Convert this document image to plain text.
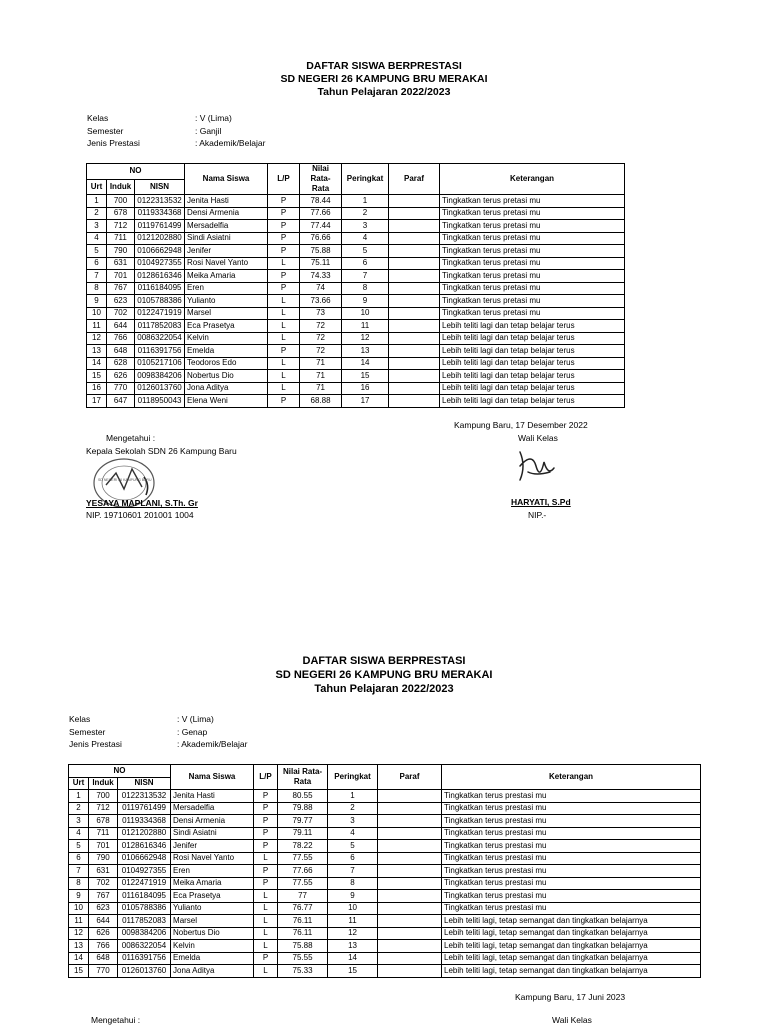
DAFTAR SISWA BERPRESTASI
SD NEGERI 26 KAMPUNG BRU MERAKAI
Tahun Pelajaran 2022/2023
Kelas	: V (Lima)
Semester	: Ganjil
Jenis Prestasi	: Akademik/Belajar
NO			Nama Siswa	L/P	Nilai Rata-Rata	Peringkat	Paraf	Keterangan
Urt	Induk	NISN						
1	700	0122313532	Jenita Hasti	P	78.44	1		Tingkatkan terus pretasi mu
2	678	0119334368	Densi Armenia	P	77.66	2		Tingkatkan terus pretasi mu
3	712	0119761499	Mersadelfia	P	77.44	3		Tingkatkan terus pretasi mu
4	711	0121202880	Sindi Asiatni	P	76.66	4		Tingkatkan terus pretasi mu
5	790	0106662948	Jenifer	P	75.88	5		Tingkatkan terus pretasi mu
6	631	0104927355	Rosi Navel Yanto	L	75.11	6		Tingkatkan terus pretasi mu
7	701	0128616346	Meika Amaria	P	74.33	7		Tingkatkan terus pretasi mu
8	767	0116184095	Eren	P	74	8		Tingkatkan terus pretasi mu
9	623	0105788386	Yulianto	L	73.66	9		Tingkatkan terus pretasi mu
10	702	0122471919	Marsel	L	73	10		Tingkatkan terus pretasi mu
11	644	0117852083	Eca Prasetya	L	72	11		Lebih teliti lagi dan tetap belajar terus
12	766	0086322054	Kelvin	L	72	12		Lebih teliti lagi dan tetap belajar terus
13	648	0116391756	Emelda	P	72	13		Lebih teliti lagi dan tetap belajar terus
14	628	0105217106	Teodoros Edo	L	71	14		Lebih teliti lagi dan tetap belajar terus
15	626	0098384206	Nobertus Dio	L	71	15		Lebih teliti lagi dan tetap belajar terus
16	770	0126013760	Jona Aditya	L	71	16		Lebih teliti lagi dan tetap belajar terus
17	647	0118950043	Elena Weni	P	68.88	17		Lebih teliti lagi dan tetap belajar terus
Kampung Baru, 17 Desember 2022
Wali Kelas
Mengetahui :
Kepala Sekolah SDN 26 Kampung Baru
SD NEGERI 26 KAMPUNG BARU
YESAYA MAPLANI, S.Th. Gr
NIP. 19710601 201001 1004
HARYATI, S.Pd
NIP.-
DAFTAR SISWA BERPRESTASI
SD NEGERI 26 KAMPUNG BRU MERAKAI
Tahun Pelajaran 2022/2023
Kelas	: V (Lima)
Semester	: Genap
Jenis Prestasi	: Akademik/Belajar
NO			Nama Siswa	L/P	Nilai Rata-Rata	Peringkat	Paraf	Keterangan
Urt	Induk	NISN						
1	700	0122313532	Jenita Hasti	P	80.55	1		Tingkatkan terus prestasi mu
2	712	0119761499	Mersadelfia	P	79.88	2		Tingkatkan terus prestasi mu
3	678	0119334368	Densi Armenia	P	79.77	3		Tingkatkan terus prestasi mu
4	711	0121202880	Sindi Asiatni	P	79.11	4		Tingkatkan terus prestasi mu
5	701	0128616346	Jenifer	P	78.22	5		Tingkatkan terus prestasi mu
6	790	0106662948	Rosi Navel Yanto	L	77.55	6		Tingkatkan terus prestasi mu
7	631	0104927355	Eren	P	77.66	7		Tingkatkan terus prestasi mu
8	702	0122471919	Meika Amaria	P	77.55	8		Tingkatkan terus prestasi mu
9	767	0116184095	Eca Prasetya	L	77	9		Tingkatkan terus prestasi mu
10	623	0105788386	Yulianto	L	76.77	10		Tingkatkan terus prestasi mu
11	644	0117852083	Marsel	L	76.11	11		Lebih teliti lagi, tetap semangat dan tingkatkan belajarnya
12	626	0098384206	Nobertus Dio	L	76.11	12		Lebih teliti lagi, tetap semangat dan tingkatkan belajarnya
13	766	0086322054	Kelvin	L	75.88	13		Lebih teliti lagi, tetap semangat dan tingkatkan belajarnya
14	648	0116391756	Emelda	P	75.55	14		Lebih teliti lagi, tetap semangat dan tingkatkan belajarnya
15	770	0126013760	Jona Aditya	L	75.33	15		Lebih teliti lagi, tetap semangat dan tingkatkan belajarnya
Kampung Baru, 17 Juni 2023
Mengetahui :	Wali Kelas
